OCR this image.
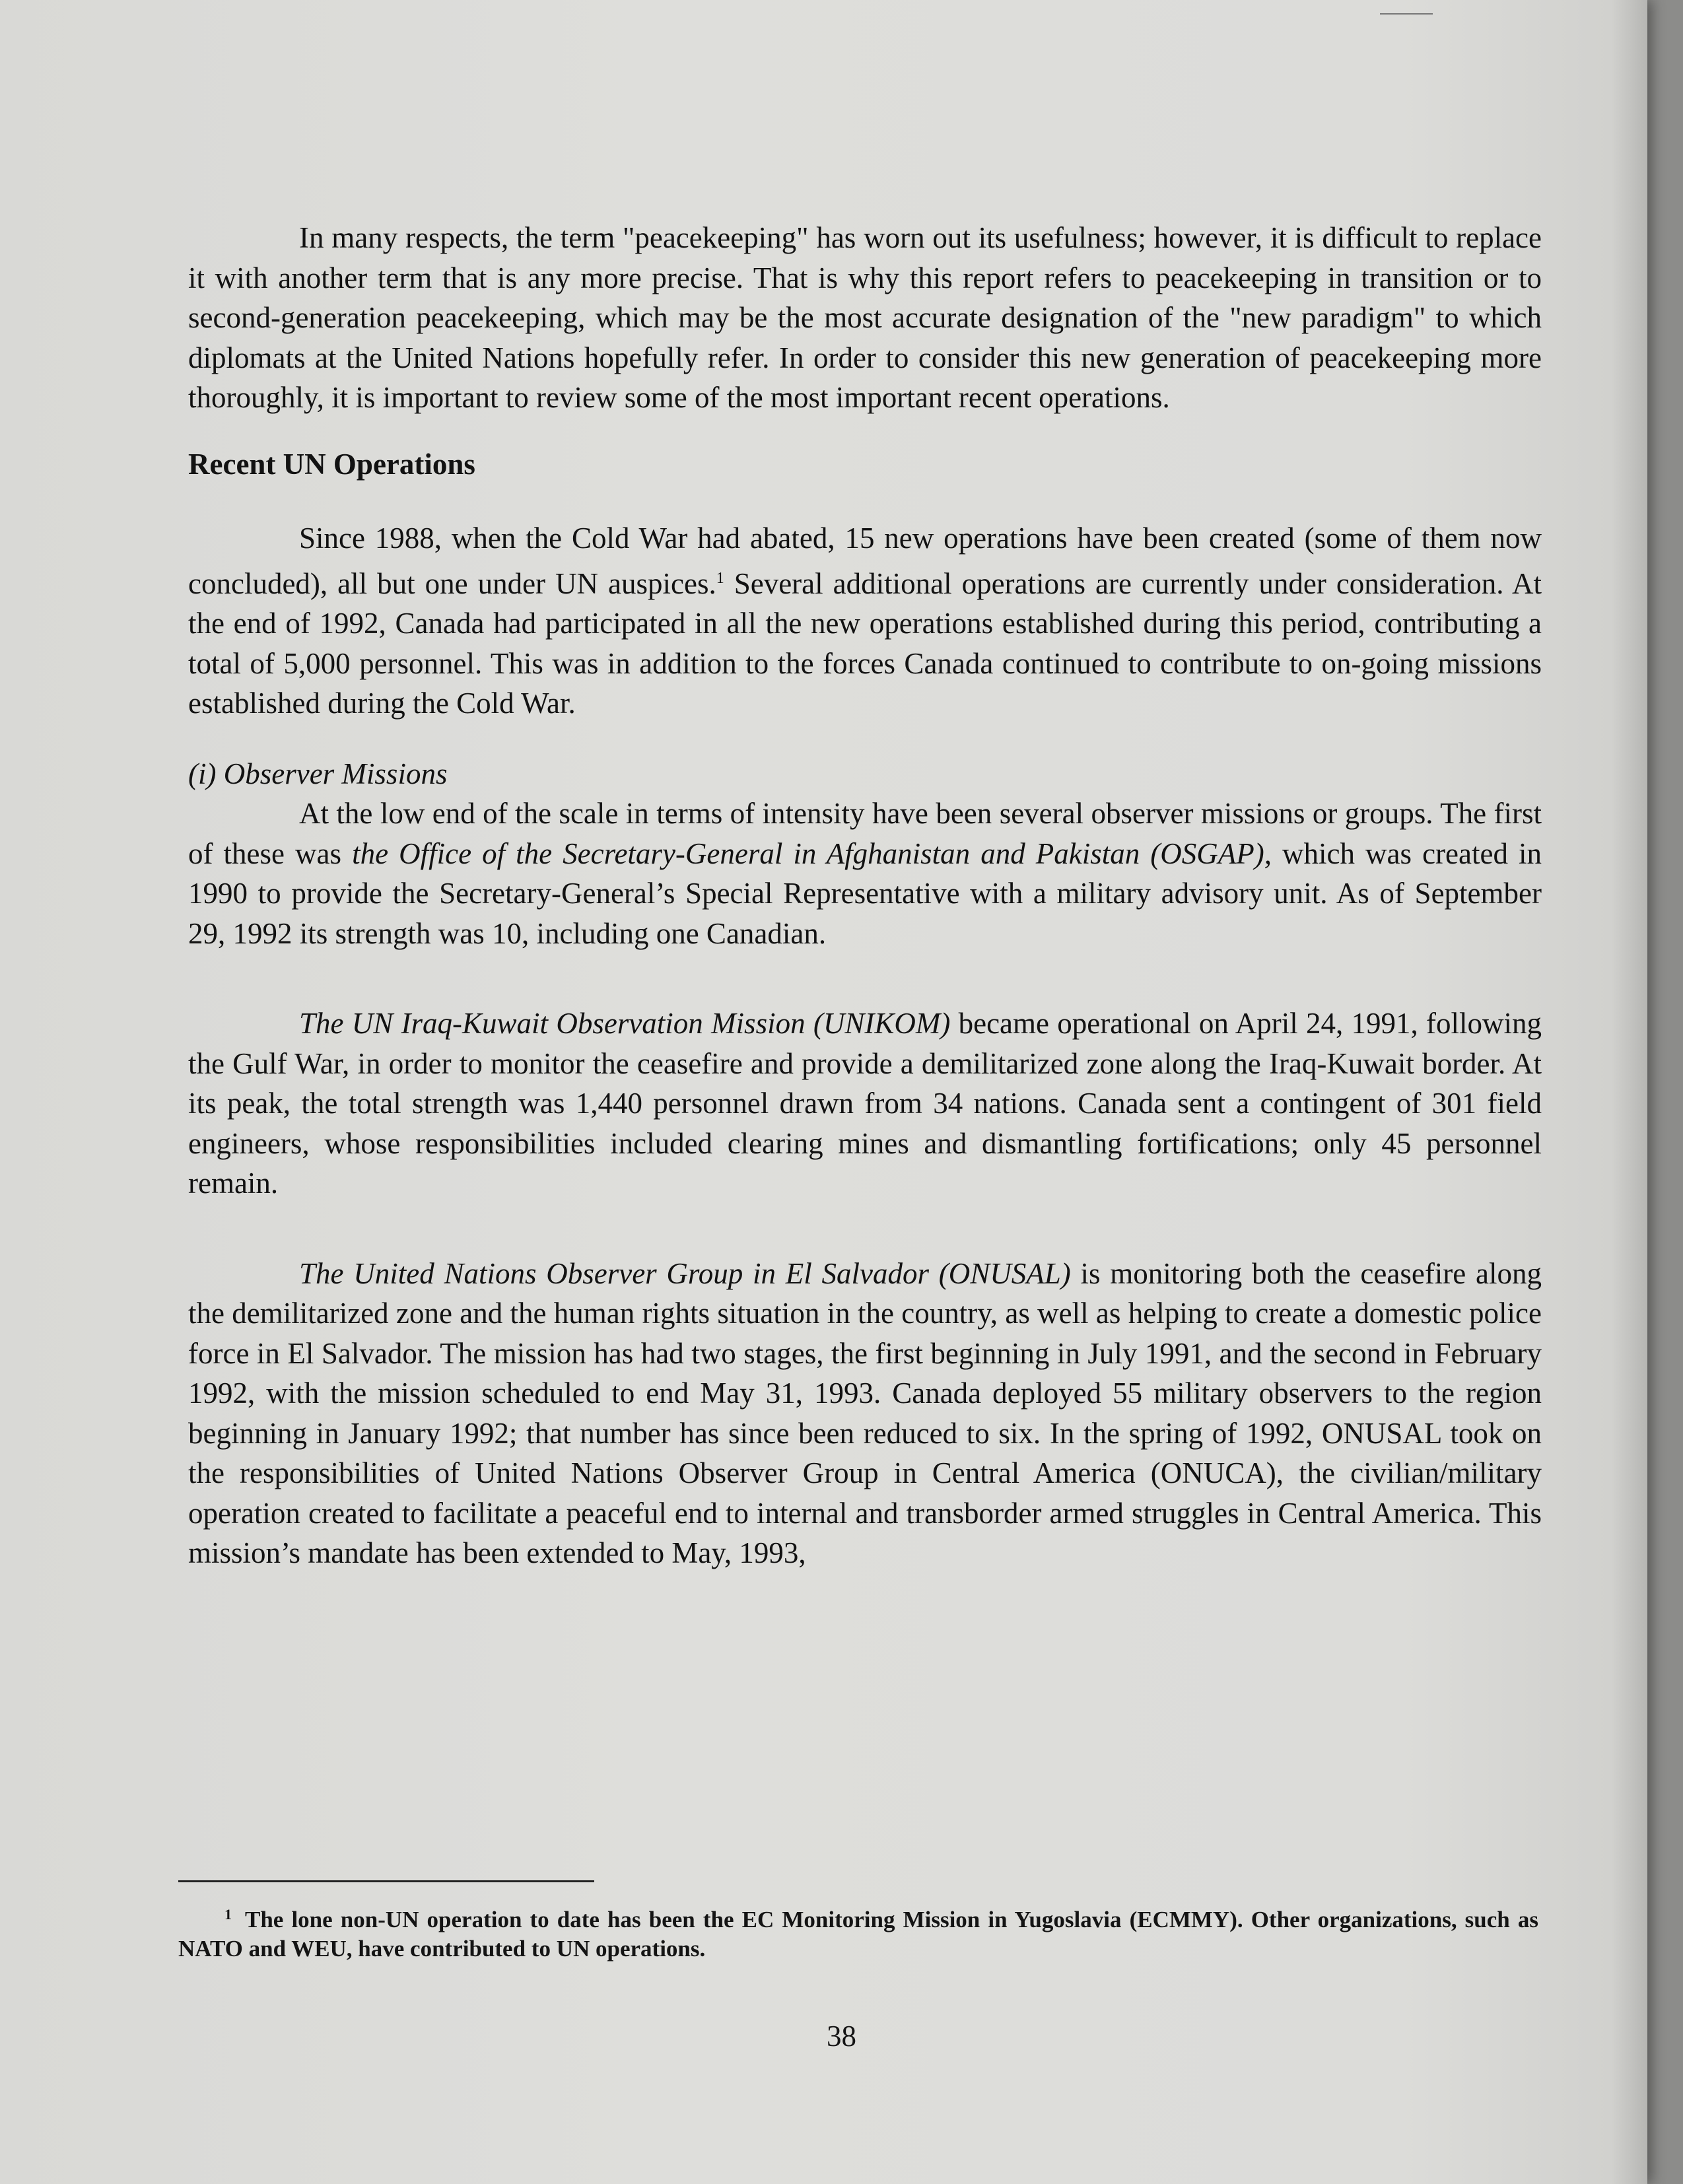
In many respects, the term "peacekeeping" has worn out its usefulness; however, it is difficult to replace it with another term that is any more precise. That is why this report refers to peacekeeping in transition or to second-generation peacekeeping, which may be the most accurate designation of the "new paradigm" to which diplomats at the United Nations hopefully refer. In order to consider this new generation of peacekeeping more thoroughly, it is important to review some of the most important recent operations.

Recent UN Operations

Since 1988, when the Cold War had abated, 15 new operations have been created (some of them now concluded), all but one under UN auspices.$^1$ Several additional operations are currently under consideration. At the end of 1992, Canada had participated in all the new operations established during this period, contributing a total of 5,000 personnel. This was in addition to the forces Canada continued to contribute to on-going missions established during the Cold War.

(i) Observer Missions

At the low end of the scale in terms of intensity have been several observer missions or groups. The first of these was the Office of the Secretary-General in Afghanistan and Pakistan (OSGAP), which was created in 1990 to provide the Secretary-General’s Special Representative with a military advisory unit. As of September 29, 1992 its strength was 10, including one Canadian.

The UN Iraq-Kuwait Observation Mission (UNIKOM) became operational on April 24, 1991, following the Gulf War, in order to monitor the ceasefire and provide a demilitarized zone along the Iraq-Kuwait border. At its peak, the total strength was 1,440 personnel drawn from 34 nations. Canada sent a contingent of 301 field engineers, whose responsibilities included clearing mines and dismantling fortifications; only 45 personnel remain.

The United Nations Observer Group in El Salvador (ONUSAL) is monitoring both the ceasefire along the demilitarized zone and the human rights situation in the country, as well as helping to create a domestic police force in El Salvador. The mission has had two stages, the first beginning in July 1991, and the second in February 1992, with the mission scheduled to end May 31, 1993. Canada deployed 55 military observers to the region beginning in January 1992; that number has since been reduced to six. In the spring of 1992, ONUSAL took on the responsibilities of United Nations Observer Group in Central America (ONUCA), the civilian/military operation created to facilitate a peaceful end to internal and transborder armed struggles in Central America. This mission’s mandate has been extended to May, 1993,

$^1$ The lone non-UN operation to date has been the EC Monitoring Mission in Yugoslavia (ECMMY). Other organizations, such as NATO and WEU, have contributed to UN operations.

38
